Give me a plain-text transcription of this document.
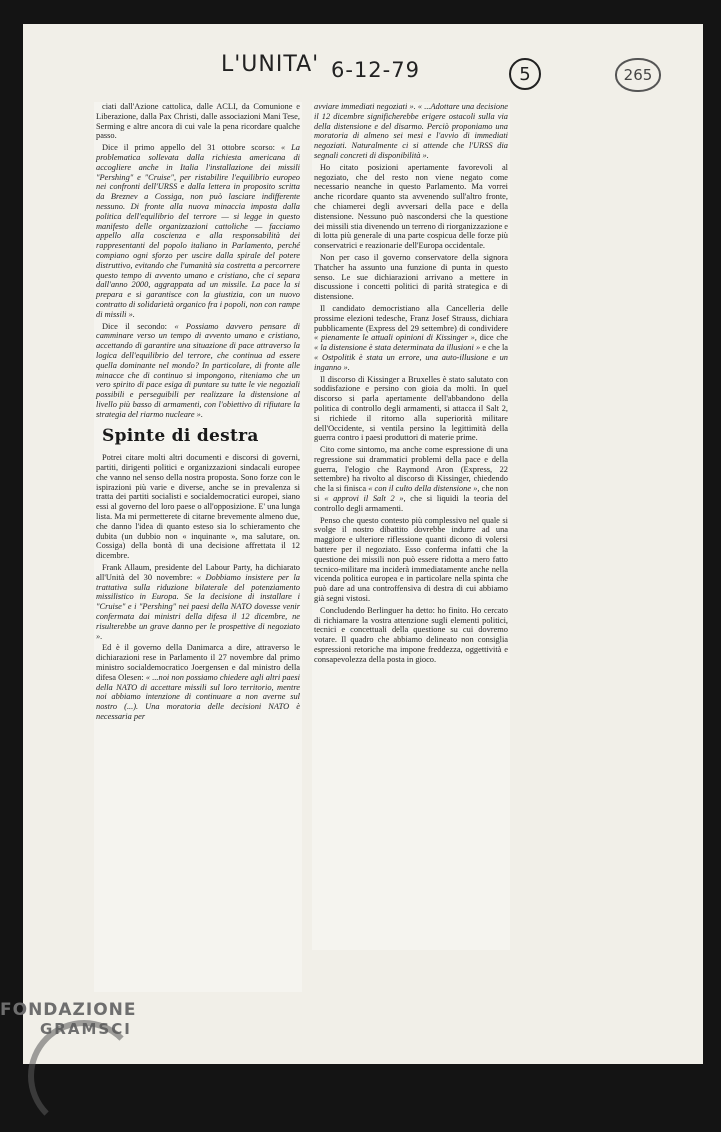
L'UNITA' 6-12-79	5	265

ciati dall'Azione cattolica, dalle ACLI, da Comunione e Liberazione, dalla Pax Christi, dalle associazioni Mani Tese, Serming e altre ancora di cui vale la pena ricordare qualche passo.

Dice il primo appello del 31 ottobre scorso: « La problematica sollevata dalla richiesta americana di accogliere anche in Italia l'installazione dei missili "Pershing" e "Cruise", per ristabilire l'equilibrio europeo nei confronti dell'URSS e dalla lettera in proposito scritta da Breznev a Cossiga, non può lasciare indifferente nessuno. Di fronte alla nuova minaccia imposta dalla politica dell'equilibrio del terrore — si legge in questo manifesto delle organizzazioni cattoliche — facciamo appello alla coscienza e alla responsabilità dei rappresentanti del popolo italiano in Parlamento, perché compiano ogni sforzo per uscire dalla spirale del potere distruttivo, evitando che l'umanità sia costretta a percorrere questo tempo di avvento umano e cristiano, che ci separa dall'anno 2000, aggrappata ad un missile. La pace la si prepara e si garantisce con la giustizia, con un nuovo contratto di solidarietà organico fra i popoli, non con rampe di missili ».

Dice il secondo: « Possiamo davvero pensare di camminare verso un tempo di avvento umano e cristiano, accettando di garantire una situazione di pace attraverso la logica dell'equilibrio del terrore, che continua ad essere quella dominante nel mondo? In particolare, di fronte alle minacce che di continuo si impongono, riteniamo che un vero spirito di pace esiga di puntare su tutte le vie negoziali possibili e perseguibili per realizzare la distensione al livello più basso di armamenti, con l'obiettivo di rifiutare la strategia del riarmo nucleare ».

Spinte di destra

Potrei citare molti altri documenti e discorsi di governi, partiti, dirigenti politici e organizzazioni sindacali europee che vanno nel senso della nostra proposta. Sono forze con le ispirazioni più varie e diverse, anche se in prevalenza si tratta dei partiti socialisti e socialdemocratici europei, siano essi al governo del loro paese o all'opposizione. E' una lunga lista. Ma mi permetterete di citarne brevemente almeno due, che danno l'idea di quanto esteso sia lo schieramento che dubita (un dubbio non « inquinante », ma salutare, on. Cossiga) della bontà di una decisione affrettata il 12 dicembre.

Frank Allaum, presidente del Labour Party, ha dichiarato all'Unità del 30 novembre: « Dobbiamo insistere per la trattativa sulla riduzione bilaterale del potenziamento missilistico in Europa. Se la decisione di installare i "Cruise" e i "Pershing" nei paesi della NATO dovesse venir confermata dai ministri della difesa il 12 dicembre, ne risulterebbe un grave danno per le prospettive di negoziato ».

Ed è il governo della Danimarca a dire, attraverso le dichiarazioni rese in Parlamento il 27 novembre dal primo ministro socialdemocratico Joergensen e dal ministro della difesa Olesen: « ...noi non possiamo chiedere agli altri paesi della NATO di accettare missili sul loro territorio, mentre noi abbiamo intenzione di continuare a non averne sul nostro (...). Una moratoria delle decisioni NATO è necessaria per

avviare immediati negoziati ». « ...Adottare una decisione il 12 dicembre significherebbe erigere ostacoli sulla via della distensione e del disarmo. Perciò proponiamo una moratoria di almeno sei mesi e l'avvio di immediati negoziati. Naturalmente ci si attende che l'URSS dia segnali concreti di disponibilità ».

Ho citato posizioni apertamente favorevoli al negoziato, che del resto non viene negato come necessario neanche in questo Parlamento. Ma vorrei anche ricordare quanto sta avvenendo sull'altro fronte, che chiamerei degli avversari della pace e della distensione. Nessuno può nascondersi che la questione dei missili stia divenendo un terreno di riorganizzazione e di lotta più generale di una parte cospicua delle forze più conservatrici e reazionarie dell'Europa occidentale.

Non per caso il governo conservatore della signora Thatcher ha assunto una funzione di punta in questo senso. Le sue dichiarazioni arrivano a mettere in discussione i concetti politici di parità strategica e di distensione.

Il candidato democristiano alla Cancelleria delle prossime elezioni tedesche, Franz Josef Strauss, dichiara pubblicamente (Express del 29 settembre) di condividere « pienamente le attuali opinioni di Kissinger », dice che « la distensione è stata determinata da illusioni » e che la « Ostpolitik è stata un errore, una auto-illusione e un inganno ».

Il discorso di Kissinger a Bruxelles è stato salutato con soddisfazione e persino con gioia da molti. In quel discorso si parla apertamente dell'abbandono della politica di controllo degli armamenti, si attacca il Salt 2, si richiede il ritorno alla superiorità militare dell'Occidente, si ventila persino la legittimità della guerra contro i paesi produttori di materie prime.

Cito come sintomo, ma anche come espressione di una regressione sui drammatici problemi della pace e della guerra, l'elogio che Raymond Aron (Express, 22 settembre) ha rivolto al discorso di Kissinger, chiedendo che la si finisca « con il culto della distensione », che non si « approvi il Salt 2 », che si liquidi la teoria del controllo degli armamenti.

Penso che questo contesto più complessivo nel quale si svolge il nostro dibattito dovrebbe indurre ad una maggiore e ulteriore riflessione quanti dicono di volersi battere per il negoziato. Esso conferma infatti che la questione dei missili non può essere ridotta a mero fatto tecnico-militare ma inciderà immediatamente anche nella vicenda politica europea e in particolare nella spinta che può dare ad una controffensiva di destra di cui abbiamo già segni vistosi.

Concludendo Berlinguer ha detto: ho finito. Ho cercato di richiamare la vostra attenzione sugli elementi politici, tecnici e concettuali della questione su cui dovremo votare. Il quadro che abbiamo delineato non consiglia espressioni retoriche ma impone freddezza, oggettività e consapevolezza della posta in gioco.

FONDAZIONE
GRAMSCI
